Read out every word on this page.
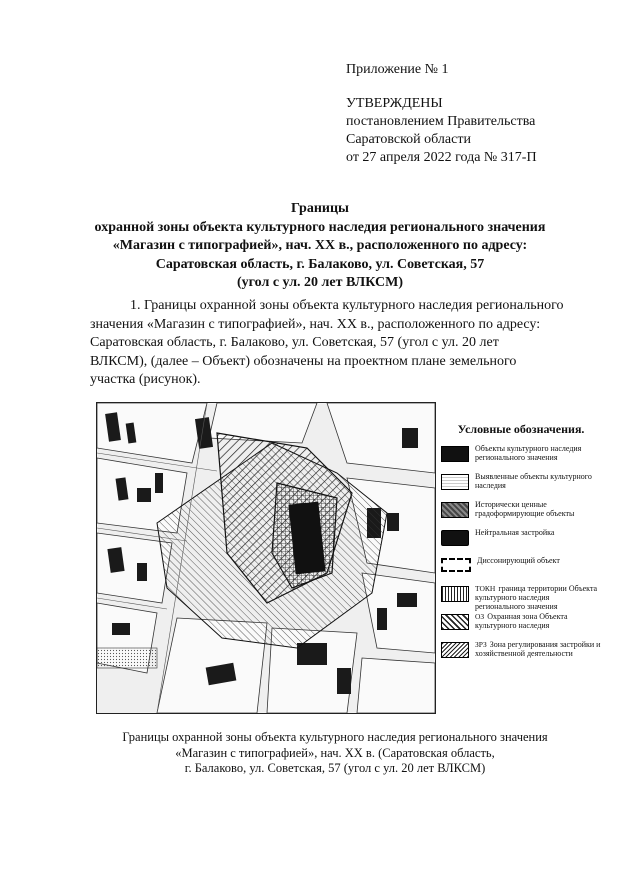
Приложение № 1
УТВЕРЖДЕНЫ
постановлением Правительства
Саратовской области
от 27 апреля 2022 года № 317-П
Границы
охранной зоны объекта культурного наследия регионального значения
«Магазин с типографией», нач. XX в., расположенного по адресу:
Саратовская область, г. Балаково, ул. Советская, 57
(угол с ул. 20 лет ВЛКСМ)
1. Границы охранной зоны объекта культурного наследия регионального
значения «Магазин с типографией», нач. XX в., расположенного по адресу:
Саратовская область, г. Балаково, ул. Советская, 57 (угол с ул. 20 лет
ВЛКСМ), (далее – Объект) обозначены на проектном плане земельного
участка (рисунок).
Условные обозначения.
Объекты культурного наследия регионального значения
Выявленные объекты культурного наследия
Исторически ценные градоформирующие объекты
Нейтральная застройка
Диссонирующий объект
ТОКН граница территории Объекта культурного наследия регионального значения
ОЗ Охранная зона Объекта культурного наследия
ЗРЗ Зона регулирования застройки и хозяйственной деятельности
Границы охранной зоны объекта культурного наследия регионального значения
«Магазин с типографией», нач. XX в. (Саратовская область,
г. Балаково, ул. Советская, 57 (угол с ул. 20 лет ВЛКСМ)
